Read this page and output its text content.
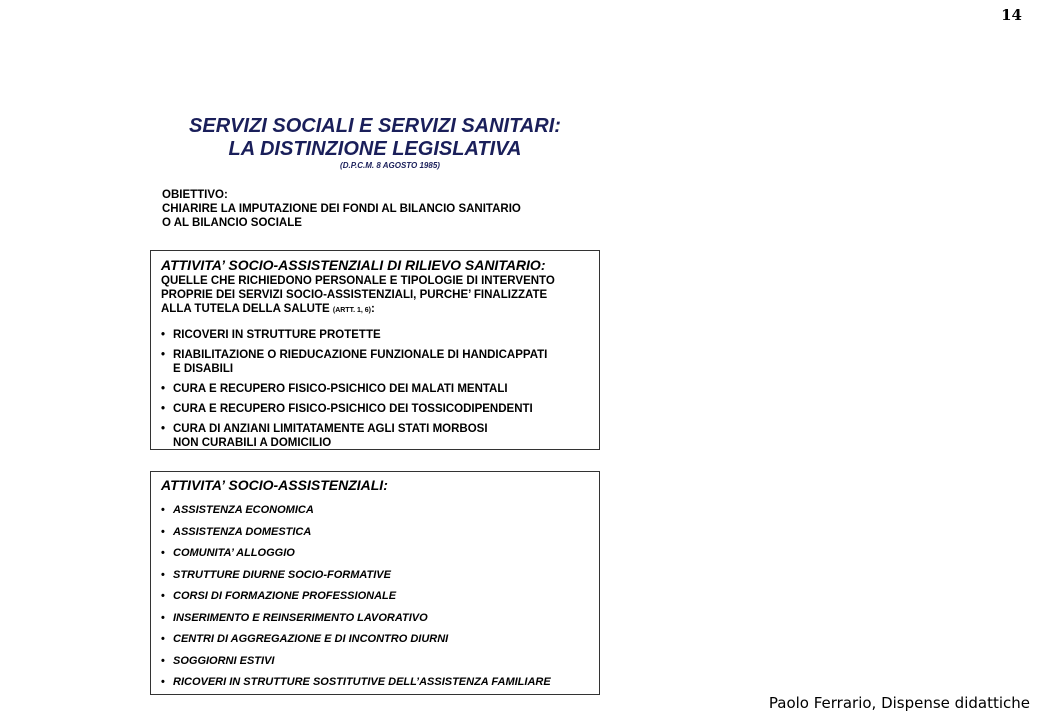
14
SERVIZI SOCIALI E SERVIZI SANITARI:
LA DISTINZIONE LEGISLATIVA
(D.P.C.M. 8 AGOSTO 1985)
OBIETTIVO:
CHIARIRE LA IMPUTAZIONE DEI FONDI AL BILANCIO SANITARIO
O AL BILANCIO SOCIALE
ATTIVITA’ SOCIO-ASSISTENZIALI DI RILIEVO SANITARIO:
QUELLE CHE RICHIEDONO PERSONALE E TIPOLOGIE DI INTERVENTO
PROPRIE DEI SERVIZI SOCIO-ASSISTENZIALI, PURCHE’ FINALIZZATE
ALLA TUTELA DELLA SALUTE (ARTT. 1, 6):
• RICOVERI IN STRUTTURE PROTETTE
• RIABILITAZIONE O RIEDUCAZIONE FUNZIONALE DI HANDICAPPATI
E DISABILI
• CURA E RECUPERO FISICO-PSICHICO DEI MALATI MENTALI
• CURA E RECUPERO FISICO-PSICHICO DEI TOSSICODIPENDENTI
• CURA DI ANZIANI LIMITATAMENTE AGLI STATI MORBOSI
NON CURABILI A DOMICILIO
ATTIVITA’ SOCIO-ASSISTENZIALI:
• ASSISTENZA ECONOMICA
• ASSISTENZA DOMESTICA
• COMUNITA’ ALLOGGIO
• STRUTTURE DIURNE SOCIO-FORMATIVE
• CORSI DI FORMAZIONE PROFESSIONALE
• INSERIMENTO E REINSERIMENTO LAVORATIVO
• CENTRI DI AGGREGAZIONE E DI INCONTRO DIURNI
• SOGGIORNI ESTIVI
• RICOVERI IN STRUTTURE SOSTITUTIVE DELL’ASSISTENZA FAMILIARE
Paolo Ferrario, Dispense didattiche
